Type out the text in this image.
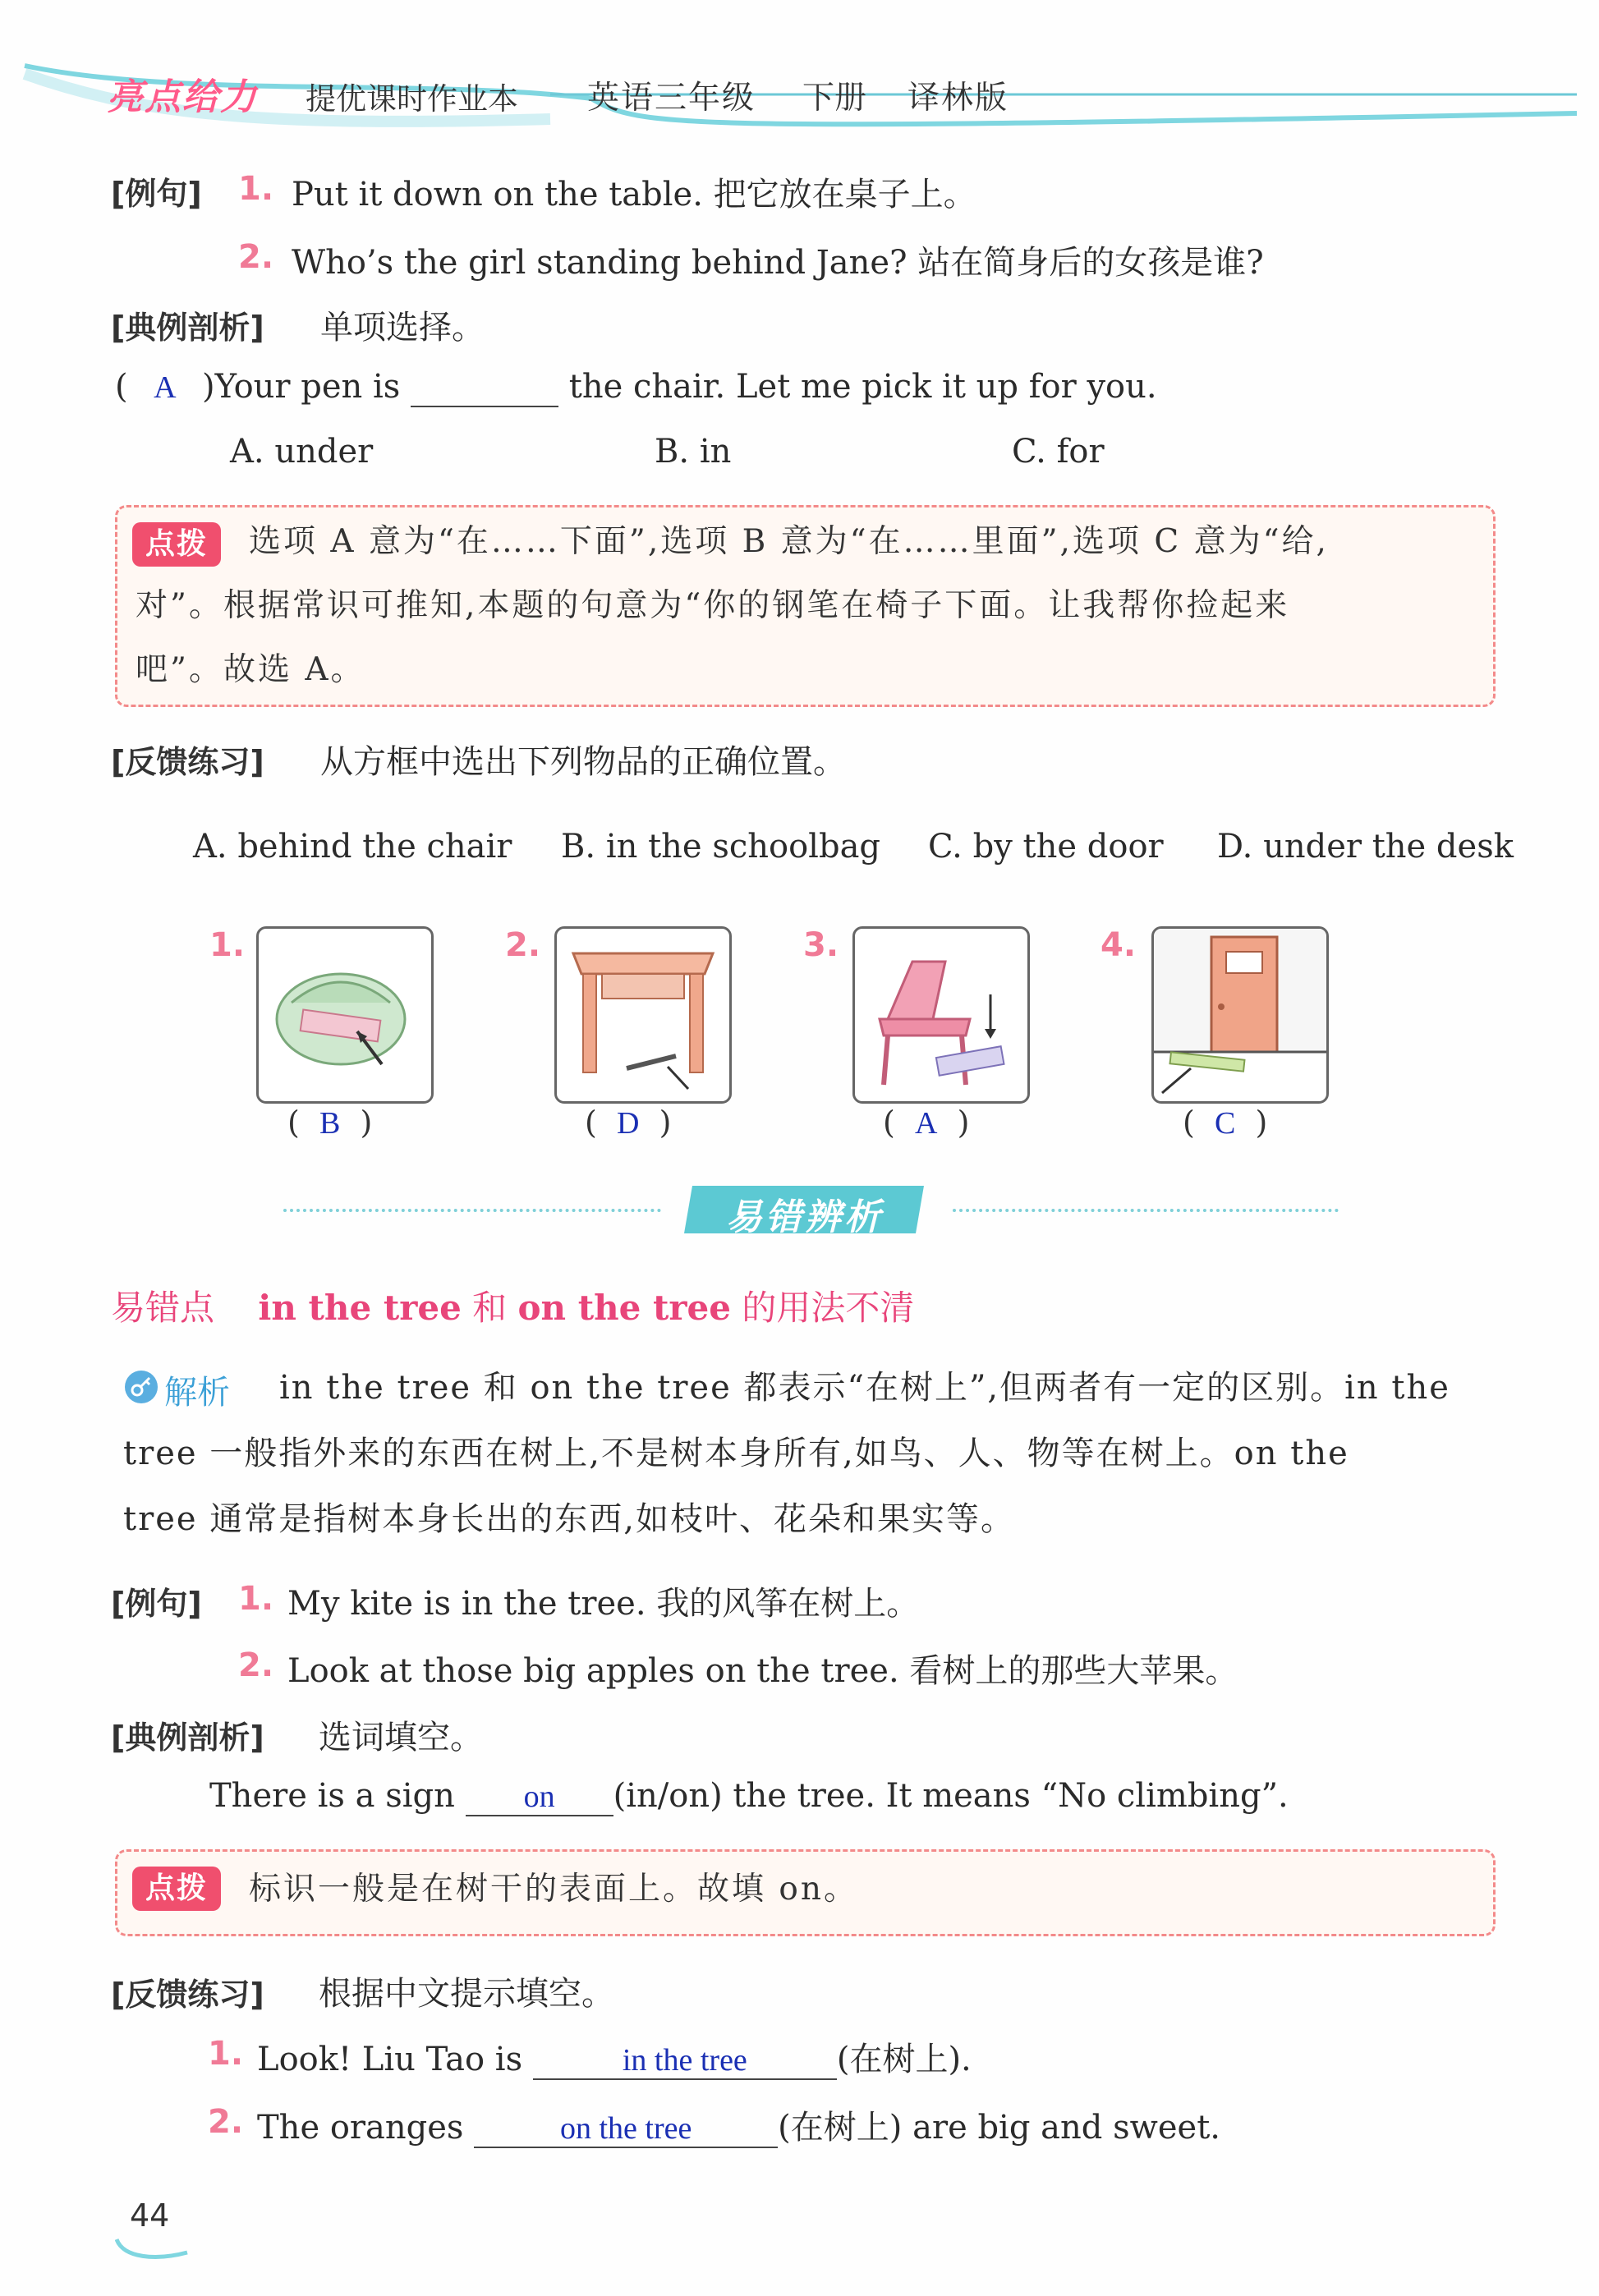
亮点给力 提优课时作业本 英语三年级 下册 译林版
[例句] 1. Put it down on the table. 把它放在桌子上。
2. Who’s the girl standing behind Jane? 站在简身后的女孩是谁?
[典例剖析] 单项选择。
( A )Your pen is	the chair. Let me pick it up for you.
A. under	B. in	C. for
点拨	选项 A 意为“在……下面”,选项 B 意为“在……里面”,选项 C 意为“给,
对”。根据常识可推知,本题的句意为“你的钢笔在椅子下面。让我帮你捡起来
吧”。故选 A。
[反馈练习] 从方框中选出下列物品的正确位置。
A. behind the chair B. in the schoolbag C. by the door D. under the desk
1.
(  B  )
2.
(  D  )
3.
(  A  )
4.
(  C  )
易错辨析
易错点 in the tree 和 on the tree 的用法不清
解析 in the tree 和 on the tree 都表示“在树上”,但两者有一定的区别。in the
tree 一般指外来的东西在树上,不是树本身所有,如鸟、人、物等在树上。on the
tree 通常是指树本身长出的东西,如枝叶、花朵和果实等。
[例句] 1. My kite is in the tree. 我的风筝在树上。
2. Look at those big apples on the tree. 看树上的那些大苹果。
[典例剖析] 选词填空。
There is a sign on (in/on) the tree. It means “No climbing”.
点拨	标识一般是在树干的表面上。故填 on。
[反馈练习] 根据中文提示填空。
1. Look! Liu Tao is	in the tree	(在树上).
2. The oranges	on the tree	(在树上) are big and sweet.
44
